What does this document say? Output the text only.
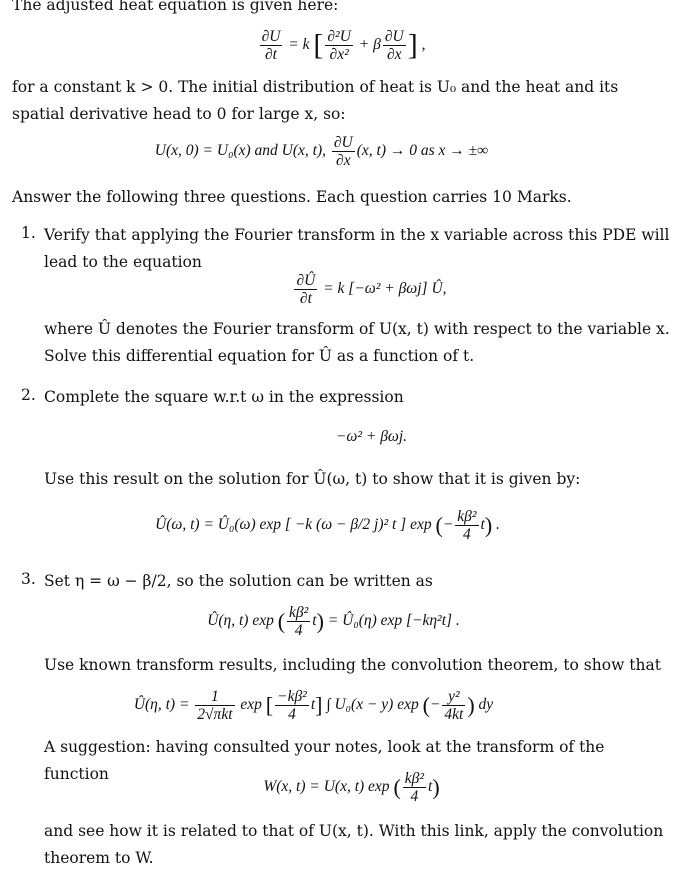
The adjusted heat equation is given here:
$\frac{\partial U}{\partial t} = k$ [ $\frac{\text{∂²U}}{\text{∂x²}} + \beta \frac{\partial U}{\partial x}$ ] ,
for a constant k > 0. The initial distribution of heat is U₀ and the heat and its spatial derivative head to 0 for large x, so:
U(x, 0) = U₀(x) and U(x, t), $\frac{\partial U}{\partial x} (x$, t) → 0 as x → ±∞
Answer the following three questions. Each question carries 10 Marks.
1. Verify that applying the Fourier transform in the x variable across this PDE will lead to the equation
$\frac{\partial Û}{\partial t} = k$ [−ω² + βωj] Û,
where Û denotes the Fourier transform of U(x, t) with respect to the variable x. Solve this differential equation for Û as a function of t.
2. Complete the square w.r.t ω in the expression
−ω² + βωj.
Use this result on the solution for Û(ω, t) to show that it is given by:
Û(ω, t) = Û₀(ω) exp [ −k (ω − β/2 j)² t ] exp (− $\frac{\text{kβ²}}{4} t$) .
3. Set η = ω − β/2, so the solution can be written as
Û(η, t) exp ( $\frac{\text{kβ²}}{4} t$) = Û₀(η) exp [−kη²t] .
Use known transform results, including the convolution theorem, to show that
Û(η, $t) = \frac{1}{\text{2√πkt}}$ exp [ $\frac{\text{−kβ²}}{4} t$] ∫ U₀(x − y) exp (− $\frac{\text{y²}}{4kt}$ ) dy
A suggestion: having consulted your notes, look at the transform of the function
W(x, t) = U(x, t) exp ( $\frac{\text{kβ²}}{4} t$)
and see how it is related to that of U(x, t). With this link, apply the convolution theorem to W.
